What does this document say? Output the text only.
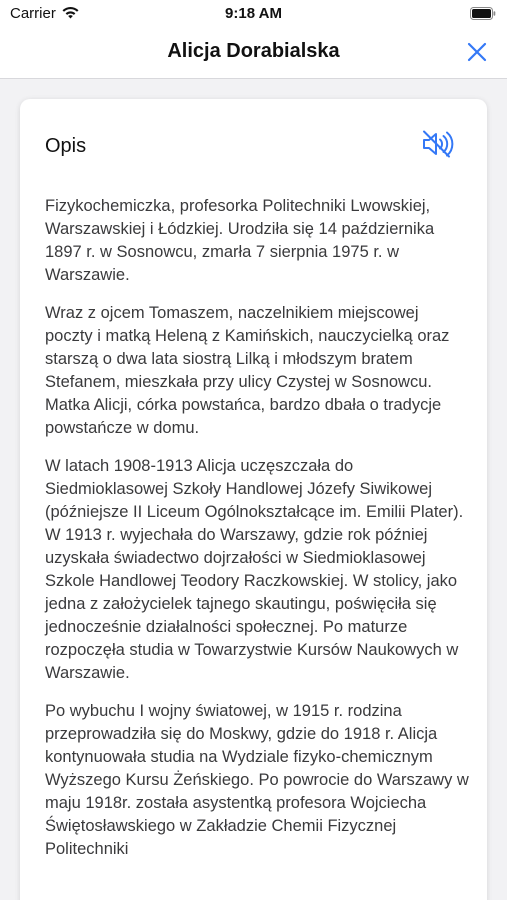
Carrier	9:18 AM
Alicja Dorabialska
Opis

Fizykochemiczka, profesorka Politechniki Lwowskiej, Warszawskiej i Łódzkiej. Urodziła się 14 października 1897 r. w Sosnowcu, zmarła 7 sierpnia 1975 r. w Warszawie.

Wraz z ojcem Tomaszem, naczelnikiem miejscowej poczty i matką Heleną z Kamińskich, nauczycielką oraz starszą o dwa lata siostrą Lilką i młodszym bratem Stefanem, mieszkała przy ulicy Czystej w Sosnowcu. Matka Alicji, córka powstańca, bardzo dbała o tradycje powstańcze w domu.

W latach 1908-1913 Alicja uczęszczała do Siedmioklasowej Szkoły Handlowej Józefy Siwikowej (późniejsze II Liceum Ogólnokształcące im. Emilii Plater). W 1913 r. wyjechała do Warszawy, gdzie rok później uzyskała świadectwo dojrzałości w Siedmioklasowej Szkole Handlowej Teodory Raczkowskiej. W stolicy, jako jedna z założycielek tajnego skautingu, poświęciła się jednocześnie działalności społecznej. Po maturze rozpoczęła studia w Towarzystwie Kursów Naukowych w Warszawie.

Po wybuchu I wojny światowej, w 1915 r. rodzina przeprowadziła się do Moskwy, gdzie do 1918 r. Alicja kontynuowała studia na Wydziale fizyko-chemicznym Wyższego Kursu Żeńskiego. Po powrocie do Warszawy w maju 1918r. została asystentką profesora Wojciecha Świętosławskiego w Zakładzie Chemii Fizycznej Politechniki
